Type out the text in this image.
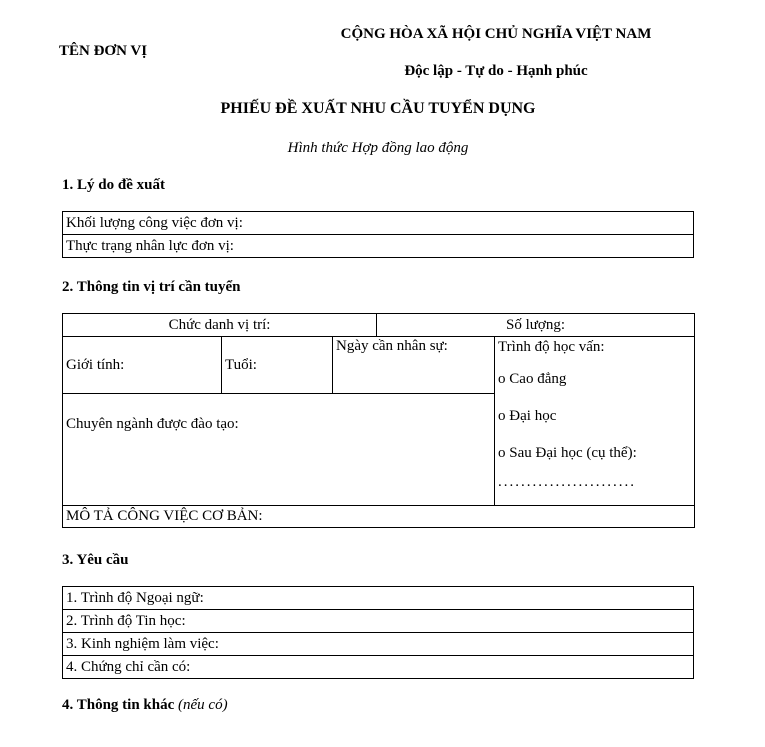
TÊN ĐƠN VỊ
CỘNG HÒA XÃ HỘI CHỦ NGHĨA VIỆT NAM
Độc lập - Tự do - Hạnh phúc
PHIẾU ĐỀ XUẤT NHU CẦU TUYỂN DỤNG
Hình thức Hợp đồng lao động
1. Lý do đề xuất
Khối lượng công việc đơn vị:
Thực trạng nhân lực đơn vị:
2. Thông tin vị trí cần tuyển
Chức danh vị trí:			Số lượng:	
Giới tính:	Tuổi:	Ngày cần nhân sự:		Trình độ học vấn:
o Cao đẳng
o Đại học
o Sau Đại học (cụ thể):
........................

Chuyên ngành được đào tạo:				
MÔ TẢ CÔNG VIỆC CƠ BẢN:				
3. Yêu cầu
1. Trình độ Ngoại ngữ:
2. Trình độ Tin học:
3. Kinh nghiệm làm việc:
4. Chứng chỉ cần có:
4. Thông tin khác (nếu có)
